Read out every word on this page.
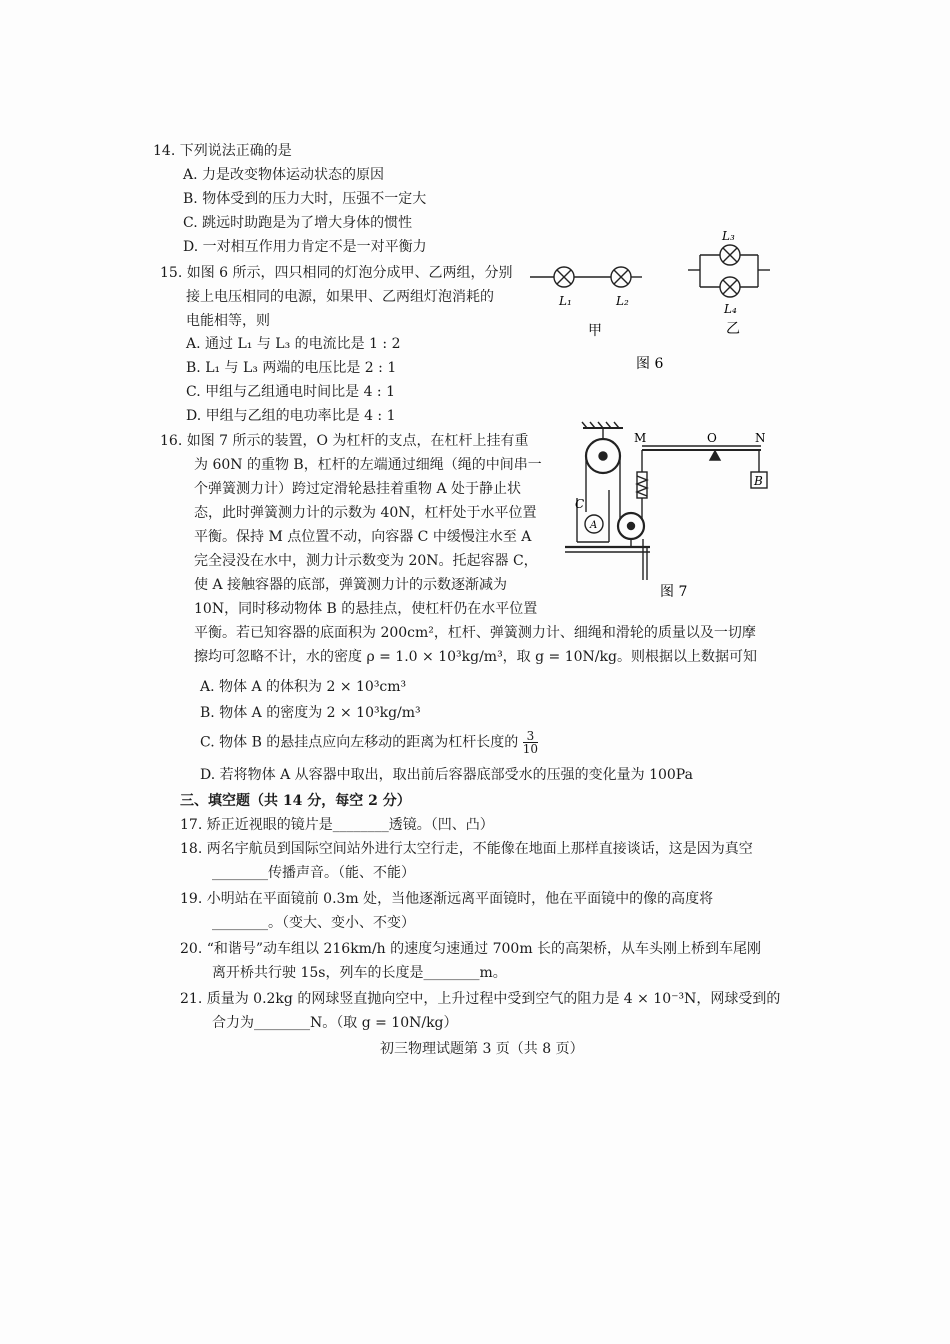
14. 下列说法正确的是
A. 力是改变物体运动状态的原因
B. 物体受到的压力大时，压强不一定大
C. 跳远时助跑是为了增大身体的惯性
D. 一对相互作用力肯定不是一对平衡力
15. 如图 6 所示，四只相同的灯泡分成甲、乙两组，分别
接上电压相同的电源，如果甲、乙两组灯泡消耗的
电能相等，则
A. 通过 L₁ 与 L₃ 的电流比是 1 : 2
B. L₁ 与 L₃ 两端的电压比是 2 : 1
C. 甲组与乙组通电时间比是 4 : 1
D. 甲组与乙组的电功率比是 4 : 1
L₁	L₂
甲
L₃
L₄
乙
图 6
16. 如图 7 所示的装置，O 为杠杆的支点，在杠杆上挂有重
为 60N 的重物 B，杠杆的左端通过细绳（绳的中间串一
个弹簧测力计）跨过定滑轮悬挂着重物 A 处于静止状
态，此时弹簧测力计的示数为 40N，杠杆处于水平位置
平衡。保持 M 点位置不动，向容器 C 中缓慢注水至 A
完全浸没在水中，测力计示数变为 20N。托起容器 C，
使 A 接触容器的底部，弹簧测力计的示数逐渐减为
10N，同时移动物体 B 的悬挂点，使杠杆仍在水平位置
平衡。若已知容器的底面积为 200cm²，杠杆、弹簧测力计、细绳和滑轮的质量以及一切摩
擦均可忽略不计，水的密度 ρ = 1.0 × 10³kg/m³，取 g = 10N/kg。则根据以上数据可知
A. 物体 A 的体积为 2 × 10³cm³
B. 物体 A 的密度为 2 × 10³kg/m³
C. 物体 B 的悬挂点应向左移动的距离为杠杆长度的 $\frac{3}{10}$
D. 若将物体 A 从容器中取出，取出前后容器底部受水的压强的变化量为 100Pa
M	O	N
B
A
C
图 7
三、填空题（共 14 分，每空 2 分）
17. 矫正近视眼的镜片是________透镜。（凹、凸）
18. 两名宇航员到国际空间站外进行太空行走，不能像在地面上那样直接谈话，这是因为真空
________传播声音。（能、不能）
19. 小明站在平面镜前 0.3m 处，当他逐渐远离平面镜时，他在平面镜中的像的高度将
________。（变大、变小、不变）
20. “和谐号”动车组以 216km/h 的速度匀速通过 700m 长的高架桥，从车头刚上桥到车尾刚
离开桥共行驶 15s，列车的长度是________m。
21. 质量为 0.2kg 的网球竖直抛向空中，上升过程中受到空气的阻力是 4 × 10⁻³N，网球受到的
合力为________N。（取 g = 10N/kg）
初三物理试题第 3 页（共 8 页）
